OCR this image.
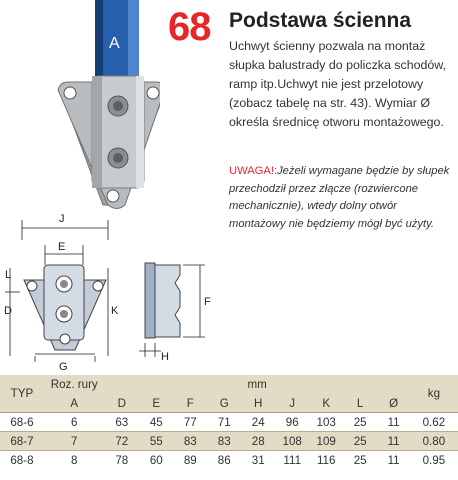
A 68 Podstawa ścienna
Uchwyt ścienny pozwala na montaż słupka balustrady do policzka schodów, ramp itp.Uchwyt nie jest przelotowy (zobacz tabelę na str. 43). Wymiar Ø określa średnicę otworu montażowego.
UWAGA!:Jeżeli wymagane będzie by słupek przechodził przez złącze (rozwiercone mechanicznie), wtedy dolny otwór montażowy nie będziemy mógł być użyty.
J
E
L
D	K
G
F
H
TYP	Roz. rury	mm									kg
	A	D	E	F	G	H	J	K	L	Ø	
68-6	6	63	45	77	71	24	96	103	25	11	0.62
68-7	7	72	55	83	83	28	108	109	25	11	0.80
68-8	8	78	60	89	86	31	111	116	25	11	0.95
